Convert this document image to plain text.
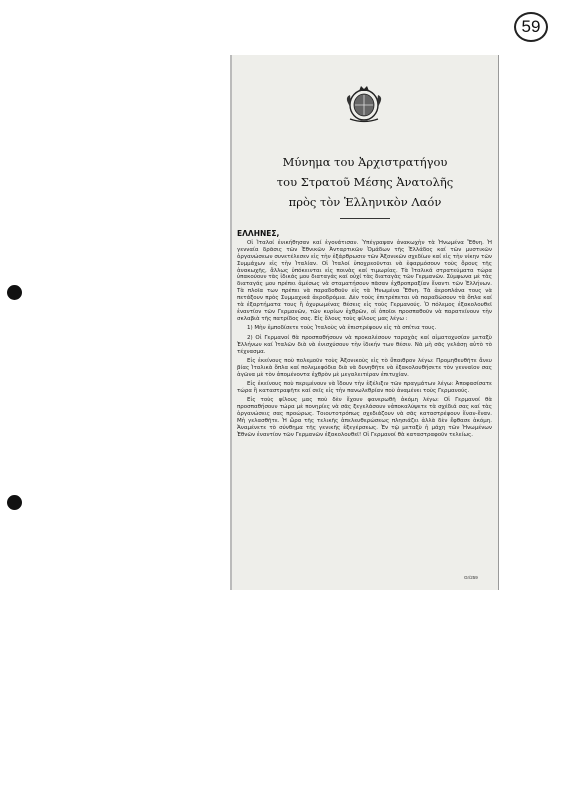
59
Μύνημα του Ἀρχιστρατήγου
του Στρατοῦ Μέσης Ἀνατολῆς
πρὸς τὸν Ἑλληνικὸν Λαόν
ΕΛΛΗΝΕΣ,

Οἱ Ἰταλοί ἐνικήθησαν καί ἐγονάτισαν. Ὑπέγραψαν ἀνακωχὴν τὰ Ἡνωμένα Ἔθνη. Ἡ γενναία δρᾶσις τῶν Ἐθνικῶν Ἀνταρτικῶν Ὁμάδων τῆς Ἑλλάδος καί τῶν μυστικῶν ὀργανώσεων συνετέλεσεν εἰς τὴν ἐξάρθρωσιν τῶν Ἀξονικῶν σχεδίων καί εἰς τὴν νίκην τῶν Συμμάχων εἰς τὴν Ἰταλίαν. Οἱ Ἰταλοί ὑποχρεοῦνται νὰ ἐφαρμόσουν τοὺς ὅρους τῆς ἀνακωχῆς, ἄλλως ὑπόκεινται εἰς ποινὰς καί τιμωρίας. Τὰ Ἰταλικά στρατεύματα τώρα ὑπακούουν τὰς ἰδικάς μου διαταγάς καί οὐχί τὰς διαταγὰς τῶν Γερμανῶν. Σύμφωνα μὲ τὰς διαταγάς μου πρέπει ἀμέσως νὰ σταματήσουν πᾶσαν ἐχθροπραξίαν ἔναντι τῶν Ἑλλήνων. Τὰ πλοῖα των πρέπει νὰ παραδοθοῦν εἰς τὰ Ἡνωμένα Ἔθνη. Τὰ ἀεροπλάνα τους νὰ πετάξουν πρὸς Συμμαχικά ἀεροδρόμια. Δὲν τοὺς ἐπιτρέπεται νὰ παραδώσουν τὰ ὅπλα καί τὰ ἐξαρτήματα τους ἢ ὀχυρωμένας θέσεις εἰς τοὺς Γερμανούς. Ὁ πόλεμος ἐξακολουθεῖ ἐναντίον τῶν Γερμανῶν, τῶν κυρίων ἐχθρῶν, οἱ ὁποῖοι προσπαθοῦν νὰ παρατείνουν τὴν σκλαβιὰ τῆς πατρίδος σας. Εἰς ὅλους τοὺς φίλους μας λέγω :

1) Μὴν ἐμποδίσετε τοὺς Ἰταλοὺς νὰ ἐπιστρέψουν εἰς τὰ σπίτια τους.

2) Οἱ Γερμανοί θὰ προσπαθήσουν νὰ προκαλέσουν ταραχὰς καί αἱματοχυσίαν μεταξὺ Ἑλλήνων καί Ἰταλῶν διὰ νὰ ἐνισχύσουν τὴν ἰδικήν των θέσιν. Νὰ μὴ σᾶς γελάσῃ αὐτὸ τὸ τέχνασμα.

Εἰς ἐκείνους ποὺ πολεμοῦν τοὺς Ἀξονικοὺς εἰς τὸ ὕπαιθρον λέγω: Προμηθευθῆτε ἄνευ βίας Ἰταλικὰ ὅπλα καί πολεμεφόδια διὰ νὰ δυνηθῆτε νὰ ἐξακολουθήσετε τὸν γενναῖον σας ἀγῶνα μὲ τὸν ἀπομένοντα ἐχθρὸν μὲ μεγαλειτέραν ἐπιτυχίαν.

Εἰς ἐκείνους ποὺ περιμένουν νὰ ἴδουν τὴν ἐξέλιξιν τῶν πραγμάτων λέγω: Ἀποφασίσατε τώρα ἢ καταστραφῆτε καί σεῖς εἰς τὴν πανωλεθρίαν ποὺ ἀναμένει τοὺς Γερμανούς.

Εἰς τοὺς φίλους μας ποὺ δὲν ἔχουν φανερωθῆ ἀκόμη λέγω: Οἱ Γερμανοί θὰ προσπαθήσουν τώρα μὲ πονηρίες νὰ σᾶς ξεγελάσουν νἀποκαλύψετε τὰ σχέδιά σας καί τὰς ὀργανώσεις σας προώρως. Τοιουτοτρόπως σχεδιάζουν νὰ σᾶς καταστρέψουν ἕναν-ἕναν. Μὴ γελασθῆτε. Ἡ ὥρα τῆς τελικῆς ἀπελευθερώσεως πλησιάζει ἀλλὰ δὲν ἔφθασε ἀκόμη. Ἀναμένετε τὸ σύνθημα τῆς γενικῆς ἐξεγέρσεως. Ἐν τῷ μεταξὺ ἡ μάχη τῶν Ἡνωμένων Ἐθνῶν ἐναντίον τῶν Γερμανῶν ἐξακολουθεῖ! Οἱ Γερμανοί θὰ καταστραφοῦν τελείως.

Gr/259
